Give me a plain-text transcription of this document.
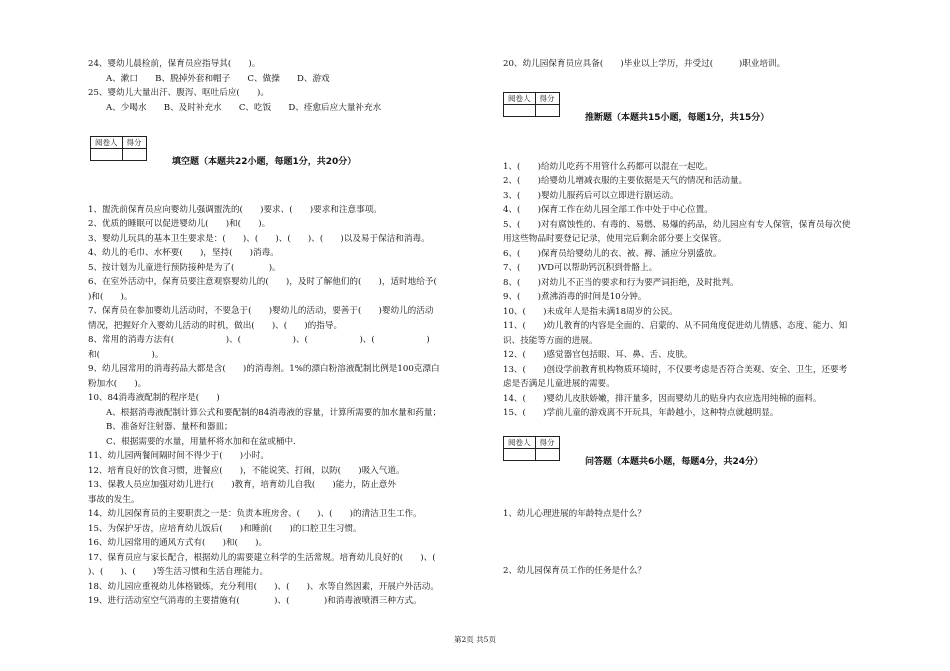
24、婴幼儿晨检前，保育员应指导其(　　)。
A、漱口　　B、脱掉外套和帽子　　C、做操　　D、游戏
25、婴幼儿大量出汗、腹泻、呕吐后应(　　)。
A、少喝水　　B、及时补充水　　C、吃饭　　D、痊愈后应大量补充水
阅卷人	得分

填空题（本题共22小题，每题1分，共20分）
1、盥洗前保育员应向婴幼儿强调盥洗的(　　)要求、(　　)要求和注意事项。
2、优质的睡眠可以促进婴幼儿(　　)和(　　)。
3、婴幼儿玩具的基本卫生要求是：(　　)、(　　)、(　　)、(　　)以及易于保洁和消毒。
4、幼儿的毛巾、水杯要(　　)，坚持(　　)消毒。
5、按计划为儿童进行预防接种是为了(　　　　)。
6、在室外活动中，保育员要注意观察婴幼儿的(　　)，及时了解他们的(　　)，适时地给予(
)和(　　)。
7、保育员在参加婴幼儿活动时，不要急于(　　)婴幼儿的活动，要善于(　　)婴幼儿的活动
情况，把握好介入婴幼儿活动的时机，做出(　　)、(　　)的指导。
8、常用的消毒方法有(　　　　　　)、(　　　　　　)、(　　　　　　)、(　　　　　　)
和(　　　　　　)。
9、幼儿园常用的消毒药品大都是含(　　)的消毒剂。1%的漂白粉溶液配制比例是100克漂白
粉加水(　　)。
10、84消毒液配制的程序是(　　)
A、根据消毒液配制计算公式和要配制的84消毒液的容量，计算所需要的加水量和药量；
B、准备好注射器、量杯和器皿；
C、根据需要的水量，用量杯将水加和在盆或桶中.
11、幼儿园两餐间隔时间不得少于(　　)小时。
12、培育良好的饮食习惯，进餐应(　　)，不能说笑、打闹，以防(　　)吸入气道。
13、保教人员应加强对幼儿进行(　　)教育，培育幼儿自我(　　)能力，防止意外
事故的发生。
14、幼儿园保育员的主要职责之一是：负责本班房舍、(　　)、(　　)的清洁卫生工作。
15、为保护牙齿，应培育幼儿饭后(　　)和睡前(　　)的口腔卫生习惯。
16、幼儿园常用的通风方式有(　　)和(　　)。
17、保育员应与家长配合，根据幼儿的需要建立科学的生活常规。培育幼儿良好的(　　)、(
)、(　　)、(　　)等生活习惯和生活自理能力。
18、幼儿园应重视幼儿体格锻炼，充分利用(　　)、(　　)、水等自然因素，开展户外活动。
19、进行活动室空气消毒的主要措施有(　　　　)、(　　　　)和消毒液喷洒三种方式。
20、幼儿园保育员应具备(　　)毕业以上学历，并受过(　　　)职业培训。
阅卷人	得分

推断题（本题共15小题，每题1分，共15分）
1、(　　)给幼儿吃药不用管什么药都可以混在一起吃。
2、(　　)给婴幼儿增减衣服的主要依据是天气的情况和活动量。
3、(　　)婴幼儿服药后可以立即进行剧运动。
4、(　　)保育工作在幼儿园全部工作中处于中心位置。
5、(　　)对有腐蚀性的、有毒的、易燃、易爆的药品，幼儿园应有专人保管，保育员每次使
用这些物品时要登记记录，使用完后剩余部分要上交保管。
6、(　　)保育员给婴幼儿的衣、被、褥、涵应分别盛放。
7、(　　)VD可以帮助钙沉积到骨骼上。
8、(　　)对幼儿不正当的要求和行为要严词拒绝，及时批判。
9、(　　)煮沸消毒的时间是10分钟。
10、(　　)未成年人是指未满18周岁的公民。
11、(　　)幼儿教育的内容是全面的、启蒙的、从不同角度促进幼儿情感、态度、能力、知
识、技能等方面的进展。
12、(　　)感觉器官包括眼、耳、鼻、舌、皮肤。
13、(　　)创设学前教育机构物质环境时，不仅要考虑是否符合美观、安全、卫生，还要考
虑是否满足儿童进展的需要。
14、(　　)婴幼儿皮肤娇嫩，排汗量多，因而婴幼儿的贴身内衣应选用纯棉的面料。
15、(　　)学前儿童的游戏离不开玩具，年龄越小，这种特点就越明显。
阅卷人	得分

问答题（本题共6小题，每题4分，共24分）
1、幼儿心理进展的年龄特点是什么？
2、幼儿园保育员工作的任务是什么？
第2页 共5页
